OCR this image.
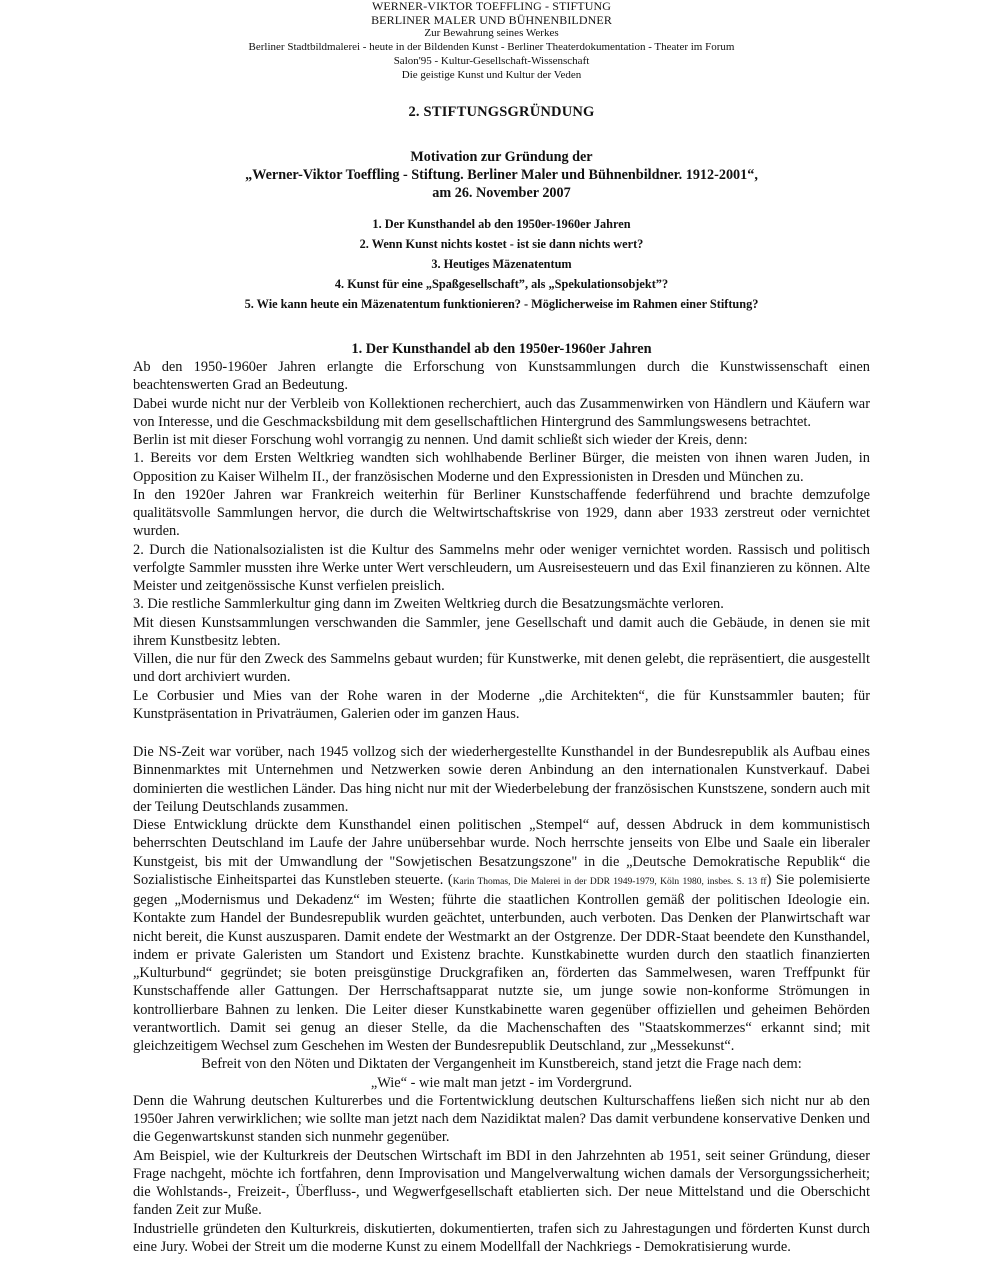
WERNER-VIKTOR TOEFFLING - STIFTUNG
BERLINER MALER UND BÜHNENBILDNER
Zur Bewahrung seines Werkes
Berliner Stadtbildmalerei - heute in der Bildenden Kunst - Berliner Theaterdokumentation - Theater im Forum
Salon'95 - Kultur-Gesellschaft-Wissenschaft
Die geistige Kunst und Kultur der Veden
2. STIFTUNGSGRÜNDUNG
Motivation zur Gründung der
„Werner-Viktor Toeffling - Stiftung. Berliner Maler und Bühnenbildner. 1912-2001“,
am 26. November 2007
1. Der Kunsthandel ab den 1950er-1960er Jahren
2. Wenn Kunst nichts kostet - ist sie dann nichts wert?
3. Heutiges Mäzenatentum
4. Kunst für eine „Spaßgesellschaft”, als „Spekulationsobjekt”?
5. Wie kann heute ein Mäzenatentum funktionieren? - Möglicherweise im Rahmen einer Stiftung?
1. Der Kunsthandel ab den 1950er-1960er Jahren

Ab den 1950-1960er Jahren erlangte die Erforschung von Kunstsammlungen durch die Kunstwissenschaft einen beachtenswerten Grad an Bedeutung.

Dabei wurde nicht nur der Verbleib von Kollektionen recherchiert, auch das Zusammenwirken von Händlern und Käufern war von Interesse, und die Geschmacksbildung mit dem gesellschaftlichen Hintergrund des Sammlungswesens betrachtet.

Berlin ist mit dieser Forschung wohl vorrangig zu nennen. Und damit schließt sich wieder der Kreis, denn:

1. Bereits vor dem Ersten Weltkrieg wandten sich wohlhabende Berliner Bürger, die meisten von ihnen waren Juden, in Opposition zu Kaiser Wilhelm II., der französischen Moderne und den Expressionisten in Dresden und München zu.

In den 1920er Jahren war Frankreich weiterhin für Berliner Kunstschaffende federführend und brachte demzufolge qualitätsvolle Sammlungen hervor, die durch die Weltwirtschaftskrise von 1929, dann aber 1933 zerstreut oder vernichtet wurden.

2. Durch die Nationalsozialisten ist die Kultur des Sammelns mehr oder weniger vernichtet worden. Rassisch und politisch verfolgte Sammler mussten ihre Werke unter Wert verschleudern, um Ausreisesteuern und das Exil finanzieren zu können. Alte Meister und zeitgenössische Kunst verfielen preislich.

3. Die restliche Sammlerkultur ging dann im Zweiten Weltkrieg durch die Besatzungsmächte verloren.

Mit diesen Kunstsammlungen verschwanden die Sammler, jene Gesellschaft und damit auch die Gebäude, in denen sie mit ihrem Kunstbesitz lebten.

Villen, die nur für den Zweck des Sammelns gebaut wurden; für Kunstwerke, mit denen gelebt, die repräsentiert, die ausgestellt und dort archiviert wurden.

Le Corbusier und Mies van der Rohe waren in der Moderne „die Architekten“, die für Kunstsammler bauten; für Kunstpräsentation in Privaträumen, Galerien oder im ganzen Haus.

Die NS-Zeit war vorüber, nach 1945 vollzog sich der wiederhergestellte Kunsthandel in der Bundesrepublik als Aufbau eines Binnenmarktes mit Unternehmen und Netzwerken sowie deren Anbindung an den internationalen Kunstverkauf. Dabei dominierten die westlichen Länder. Das hing nicht nur mit der Wiederbelebung der französischen Kunstszene, sondern auch mit der Teilung Deutschlands zusammen.

Diese Entwicklung drückte dem Kunsthandel einen politischen „Stempel“ auf, dessen Abdruck in dem kommunistisch beherrschten Deutschland im Laufe der Jahre unübersehbar wurde. Noch herrschte jenseits von Elbe und Saale ein liberaler Kunstgeist, bis mit der Umwandlung der "Sowjetischen Besatzungszone" in die „Deutsche Demokratische Republik“ die Sozialistische Einheitspartei das Kunstleben steuerte. (Karin Thomas, Die Malerei in der DDR 1949-1979, Köln 1980, insbes. S. 13 ff) Sie polemisierte gegen „Modernismus und Dekadenz“ im Westen; führte die staatlichen Kontrollen gemäß der politischen Ideologie ein. Kontakte zum Handel der Bundesrepublik wurden geächtet, unterbunden, auch verboten. Das Denken der Planwirtschaft war nicht bereit, die Kunst auszusparen. Damit endete der Westmarkt an der Ostgrenze. Der DDR-Staat beendete den Kunsthandel, indem er private Galeristen um Standort und Existenz brachte. Kunstkabinette wurden durch den staatlich finanzierten „Kulturbund“ gegründet; sie boten preisgünstige Druckgrafiken an, förderten das Sammelwesen, waren Treffpunkt für Kunstschaffende aller Gattungen. Der Herrschaftsapparat nutzte sie, um junge sowie non-konforme Strömungen in kontrollierbare Bahnen zu lenken. Die Leiter dieser Kunstkabinette waren gegenüber offiziellen und geheimen Behörden verantwortlich. Damit sei genug an dieser Stelle, da die Machenschaften des "Staatskommerzes“ erkannt sind; mit gleichzeitigem Wechsel zum Geschehen im Westen der Bundesrepublik Deutschland, zur „Messekunst“.

Befreit von den Nöten und Diktaten der Vergangenheit im Kunstbereich, stand jetzt die Frage nach dem:

„Wie“ - wie malt man jetzt - im Vordergrund.

Denn die Wahrung deutschen Kulturerbes und die Fortentwicklung deutschen Kulturschaffens ließen sich nicht nur ab den 1950er Jahren verwirklichen; wie sollte man jetzt nach dem Nazidiktat malen? Das damit verbundene konservative Denken und die Gegenwartskunst standen sich nunmehr gegenüber.

Am Beispiel, wie der Kulturkreis der Deutschen Wirtschaft im BDI in den Jahrzehnten ab 1951, seit seiner Gründung, dieser Frage nachgeht, möchte ich fortfahren, denn Improvisation und Mangelverwaltung wichen damals der Versorgungssicherheit; die Wohlstands-, Freizeit-, Überfluss-, und Wegwerfgesellschaft etablierten sich. Der neue Mittelstand und die Oberschicht fanden Zeit zur Muße.

Industrielle gründeten den Kulturkreis, diskutierten, dokumentierten, trafen sich zu Jahrestagungen und förderten Kunst durch eine Jury. Wobei der Streit um die moderne Kunst zu einem Modellfall der Nachkriegs - Demokratisierung wurde.
